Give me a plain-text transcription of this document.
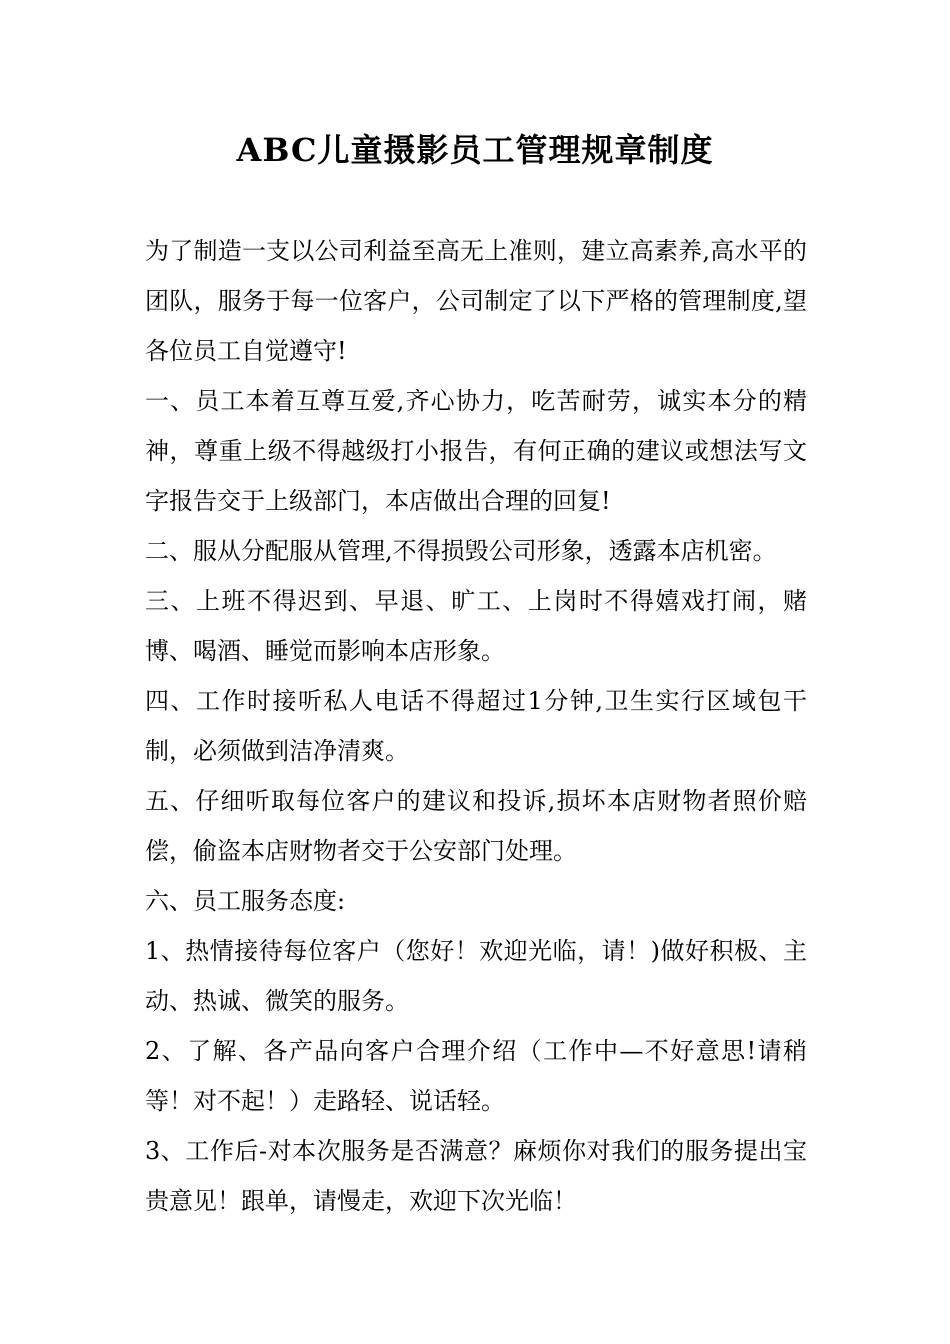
ABC儿童摄影员工管理规章制度

为了制造一支以公司利益至高无上准则，建立高素养,高水平的团队，服务于每一位客户，公司制定了以下严格的管理制度,望各位员工自觉遵守!

一、员工本着互尊互爱,齐心协力，吃苦耐劳，诚实本分的精神，尊重上级不得越级打小报告，有何正确的建议或想法写文字报告交于上级部门，本店做出合理的回复!

二、服从分配服从管理,不得损毁公司形象，透露本店机密。

三、上班不得迟到、早退、旷工、上岗时不得嬉戏打闹，赌博、喝酒、睡觉而影响本店形象。

四、工作时接听私人电话不得超过1分钟,卫生实行区域包干制，必须做到洁净清爽。

五、仔细听取每位客户的建议和投诉,损坏本店财物者照价赔偿，偷盗本店财物者交于公安部门处理。

六、员工服务态度:

1、热情接待每位客户（您好！欢迎光临，请！)做好积极、主动、热诚、微笑的服务。

2、了解、各产品向客户合理介绍（工作中—不好意思!请稍等！对不起！）走路轻、说话轻。

3、工作后-对本次服务是否满意？麻烦你对我们的服务提出宝贵意见！跟单，请慢走，欢迎下次光临！
